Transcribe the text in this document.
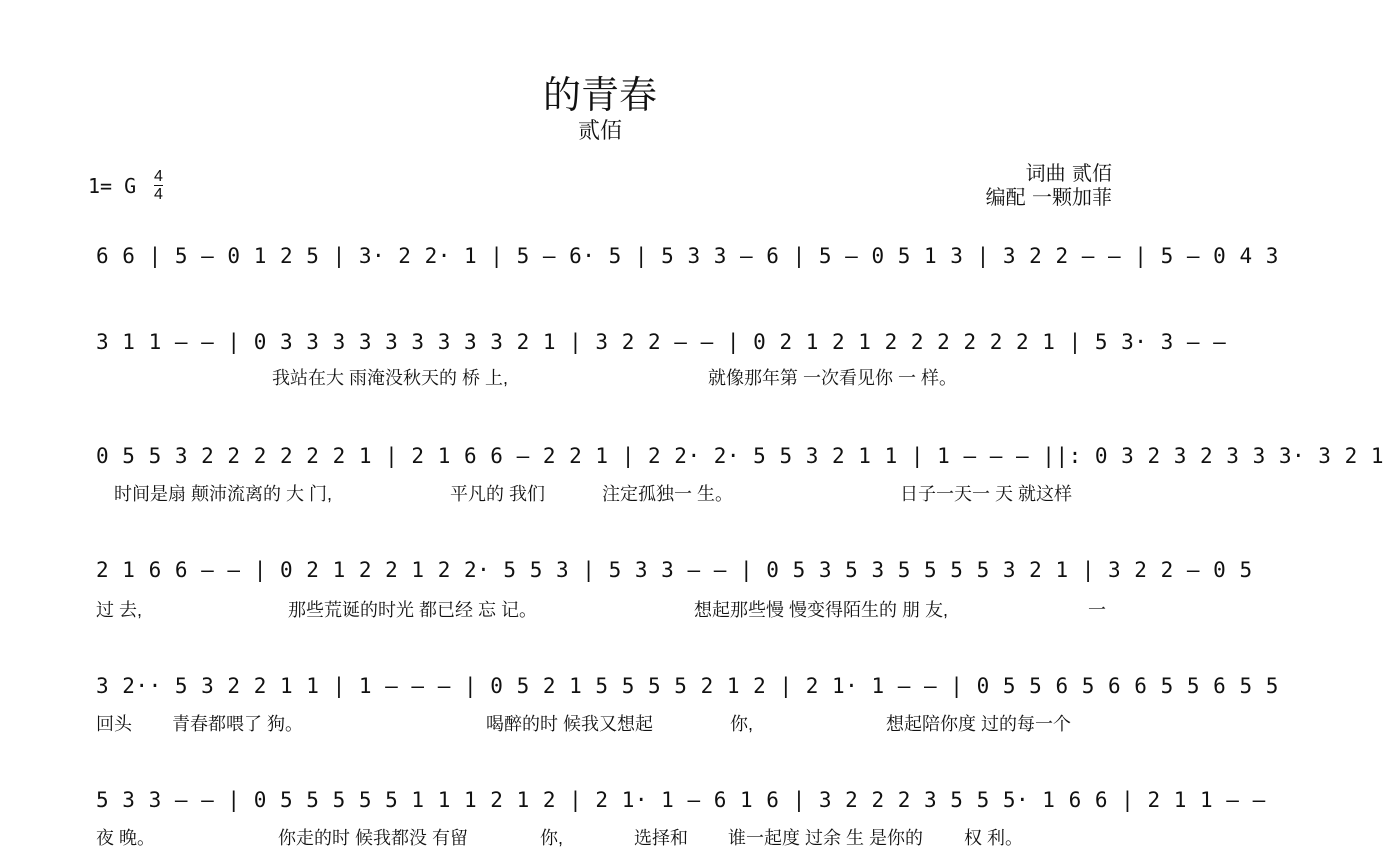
的青春
贰佰
词曲 贰佰
编配 一颗加菲
1= G $\frac{4}{4}$
6 6 | 5 — 0 1 2 5 | 3· 2 2· 1 | 5 — 6· 5 | 5 3 3 — 6 | 5 — 0 5 1 3 | 3 2 2 — — | 5 — 0 4 3
3 1 1 — — | 0 3 3 3 3 3 3 3 3 3 2 1 | 3 2 2 — — | 0 2 1 2 1 2 2 2 2 2 2 1 | 5 3· 3 — —
我站在大 雨淹没秋天的 桥 上,	就像那年第 一次看见你 一 样。
0 5 5 3 2 2 2 2 2 2 1 | 2 1 6 6 — 2 2 1 | 2 2· 2· 5 5 3 2 1 1 | 1 — — — ||: 0 3 2 3 2 3 3 3· 3 2 1
时间是扇 颠沛流离的 大 门,	平凡的 我们	注定孤独一 生。	日子一天一 天 就这样
2 1 6 6 — — | 0 2 1 2 2 1 2 2· 5 5 3 | 5 3 3 — — | 0 5 3 5 3 5 5 5 5 3 2 1 | 3 2 2 — 0 5
过 去,	那些荒诞的时光 都已经 忘 记。	想起那些慢 慢变得陌生的 朋 友,	一
3 2·· 5 3 2 2 1 1 | 1 — — — | 0 5 2 1 5 5 5 5 2 1 2 | 2 1· 1 — — | 0 5 5 6 5 6 6 5 5 6 5 5
回头 青春都喂了 狗。	喝醉的时 候我又想起	你,	想起陪你度 过的每一个
5 3 3 — — | 0 5 5 5 5 5 1 1 1 2 1 2 | 2 1· 1 — 6 1 6 | 3 2 2 2 3 5 5 5· 1 6 6 | 2 1 1 — —
夜 晚。	你走的时 候我都没 有留	你,	选择和 谁一起度 过余 生 是你的 权 利。
